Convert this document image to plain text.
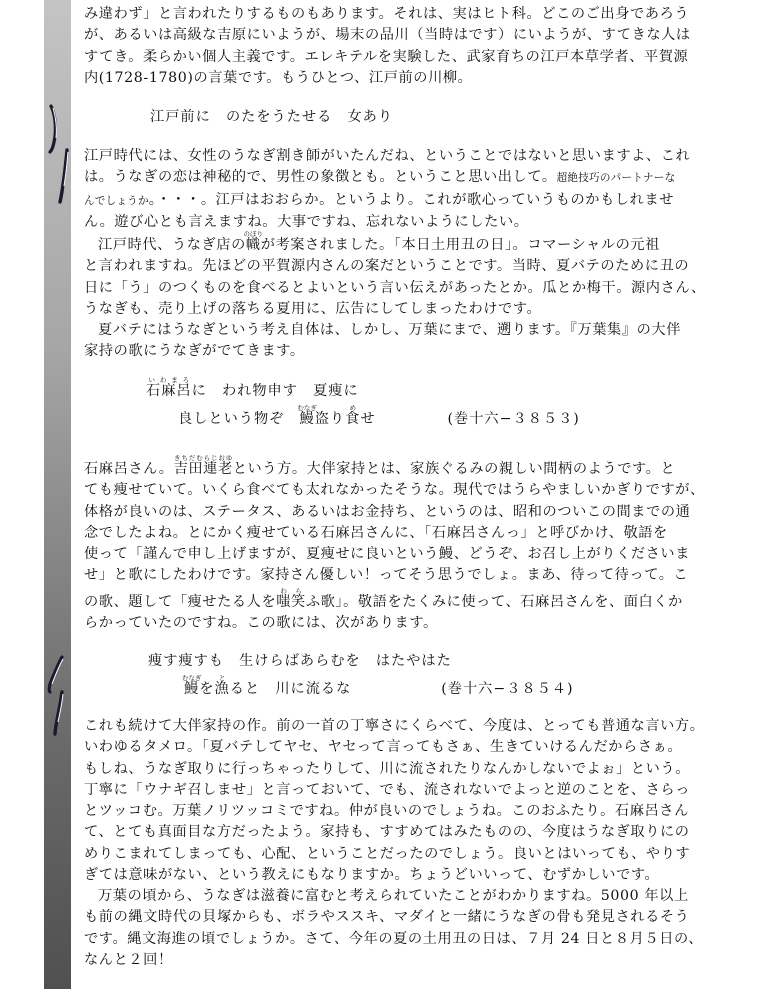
み違わず」と言われたりするものもあります。それは、実はヒト科。どこのご出身であろう

が、あるいは高級な吉原にいようが、場末の品川（当時はです）にいようが、すてきな人は

すてき。柔らかい個人主義です。エレキテルを実験した、武家育ちの江戸本草学者、平賀源

内(1728-1780)の言葉です。もうひとつ、江戸前の川柳。

江戸前に　のたをうたせる　女あり

江戸時代には、女性のうなぎ割き師がいたんだね、ということではないと思いますよ、これ

は。うなぎの恋は神秘的で、男性の象徴とも。ということ思い出して。超絶技巧のパートナーな

んでしょうか。・・・。江戸はおおらか。というより。これが歌心っていうものかもしれませ

ん。遊び心とも言えますね。大事ですね、忘れないようにしたい。

江戸時代、うなぎ店の幟のぼりが考案されました。「本日土用丑の日」。コマーシャルの元祖

と言われますね。先ほどの平賀源内さんの案だということです。当時、夏バテのために丑の

日に「う」のつくものを食べるとよいという言い伝えがあったとか。瓜とか梅干。源内さん、

うなぎも、売り上げの落ちる夏用に、広告にしてしまったわけです。

夏バテにはうなぎという考え自体は、しかし、万葉にまで、遡ります。『万葉集』の大伴

家持の歌にうなぎがでてきます。

石麻呂いわまろに　われ物申す　夏痩に
良しという物ぞ　鰻むなぎ盗り食めせ	(巻十六−３８５３)

石麻呂さん。吉田連老きちだむらじおゆという方。大伴家持とは、家族ぐるみの親しい間柄のようです。と

ても痩せていて。いくら食べても太れなかったそうな。現代ではうらやましいかぎりですが、

体格が良いのは、ステータス、あるいはお金持ち、というのは、昭和のついこの間までの通

念でしたよね。とにかく痩せている石麻呂さんに、「石麻呂さんっ」と呼びかけ、敬語を

使って「謹んで申し上げますが、夏痩せに良いという鰻、どうぞ、お召し上がりくださいま

せ」と歌にしたわけです。家持さん優しい！ってそう思うでしょ。まあ、待って待って。こ

の歌、題して「痩せたる人を嗤笑わらふ歌」。敬語をたくみに使って、石麻呂さんを、面白くか

らかっていたのですね。この歌には、次があります。

痩す痩すも　生けらばあらむを　はたやはた
鰻むなぎを漁とると　川に流るな	(巻十六−３８５４)

これも続けて大伴家持の作。前の一首の丁寧さにくらべて、今度は、とっても普通な言い方。

いわゆるタメロ。「夏バテしてヤセ、ヤセって言ってもさぁ、生きていけるんだからさぁ。

もしね、うなぎ取りに行っちゃったりして、川に流されたりなんかしないでよぉ」という。

丁寧に「ウナギ召しませ」と言っておいて、でも、流されないでよっと逆のことを、さらっ

とツッコむ。万葉ノリツッコミですね。仲が良いのでしょうね。このおふたり。石麻呂さん

て、とても真面目な方だったよう。家持も、すすめてはみたものの、今度はうなぎ取りにの

めりこまれてしまっても、心配、ということだったのでしょう。良いとはいっても、やりす

ぎては意味がない、という教えにもなりますか。ちょうどいいって、むずかしいです。

万葉の頃から、うなぎは滋養に富むと考えられていたことがわかりますね。5000 年以上

も前の縄文時代の貝塚からも、ボラやススキ、マダイと一緒にうなぎの骨も発見されるそう

です。縄文海進の頃でしょうか。さて、今年の夏の土用丑の日は、７月 24 日と８月５日の、

なんと２回！
